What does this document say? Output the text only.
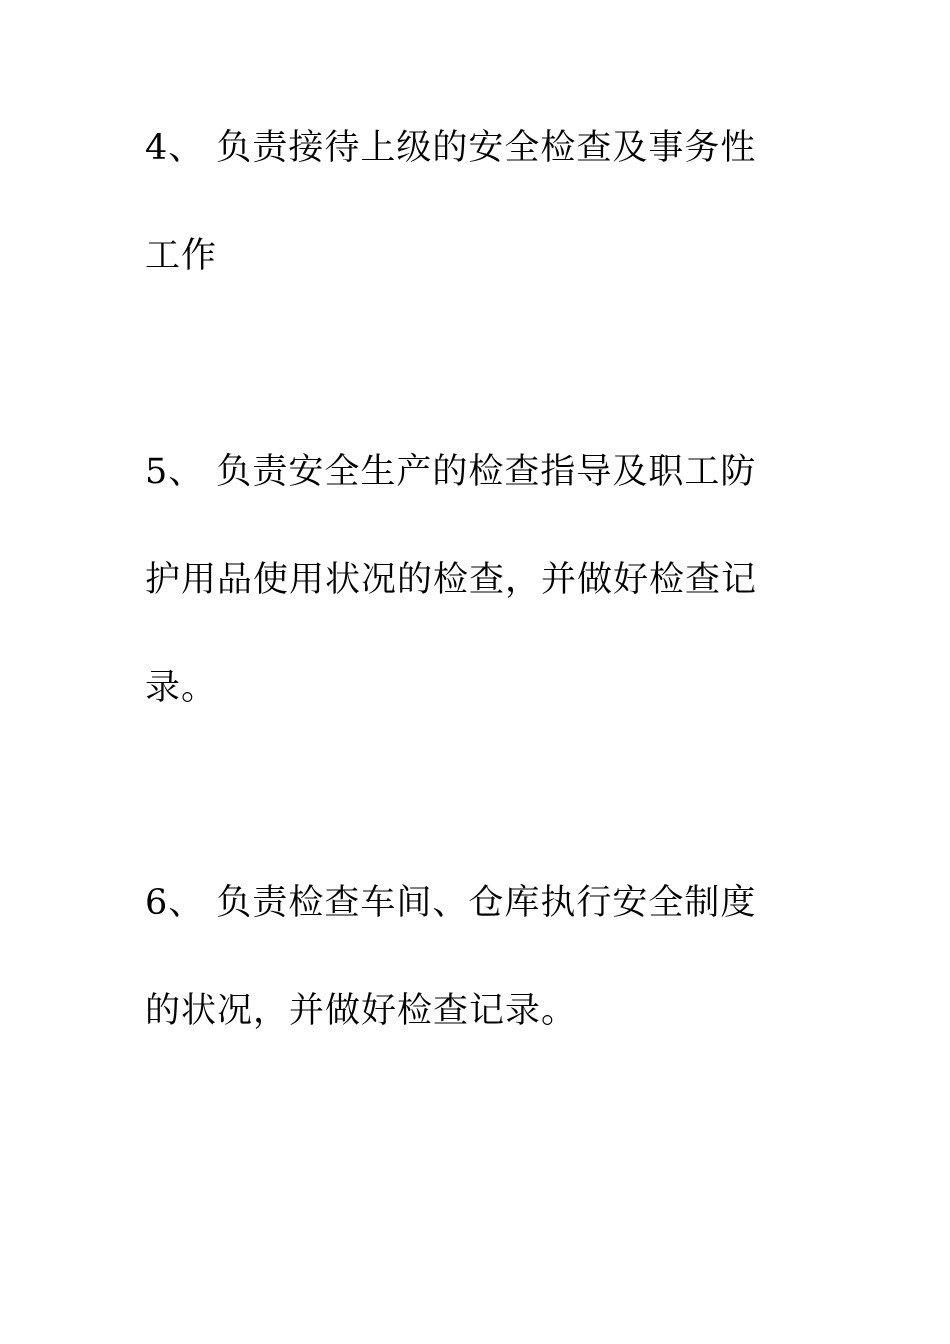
4、 负责接待上级的安全检查及事务性
工作
5、 负责安全生产的检查指导及职工防
护用品使用状况的检查，并做好检查记
录。
6、 负责检查车间、仓库执行安全制度
的状况，并做好检查记录。
